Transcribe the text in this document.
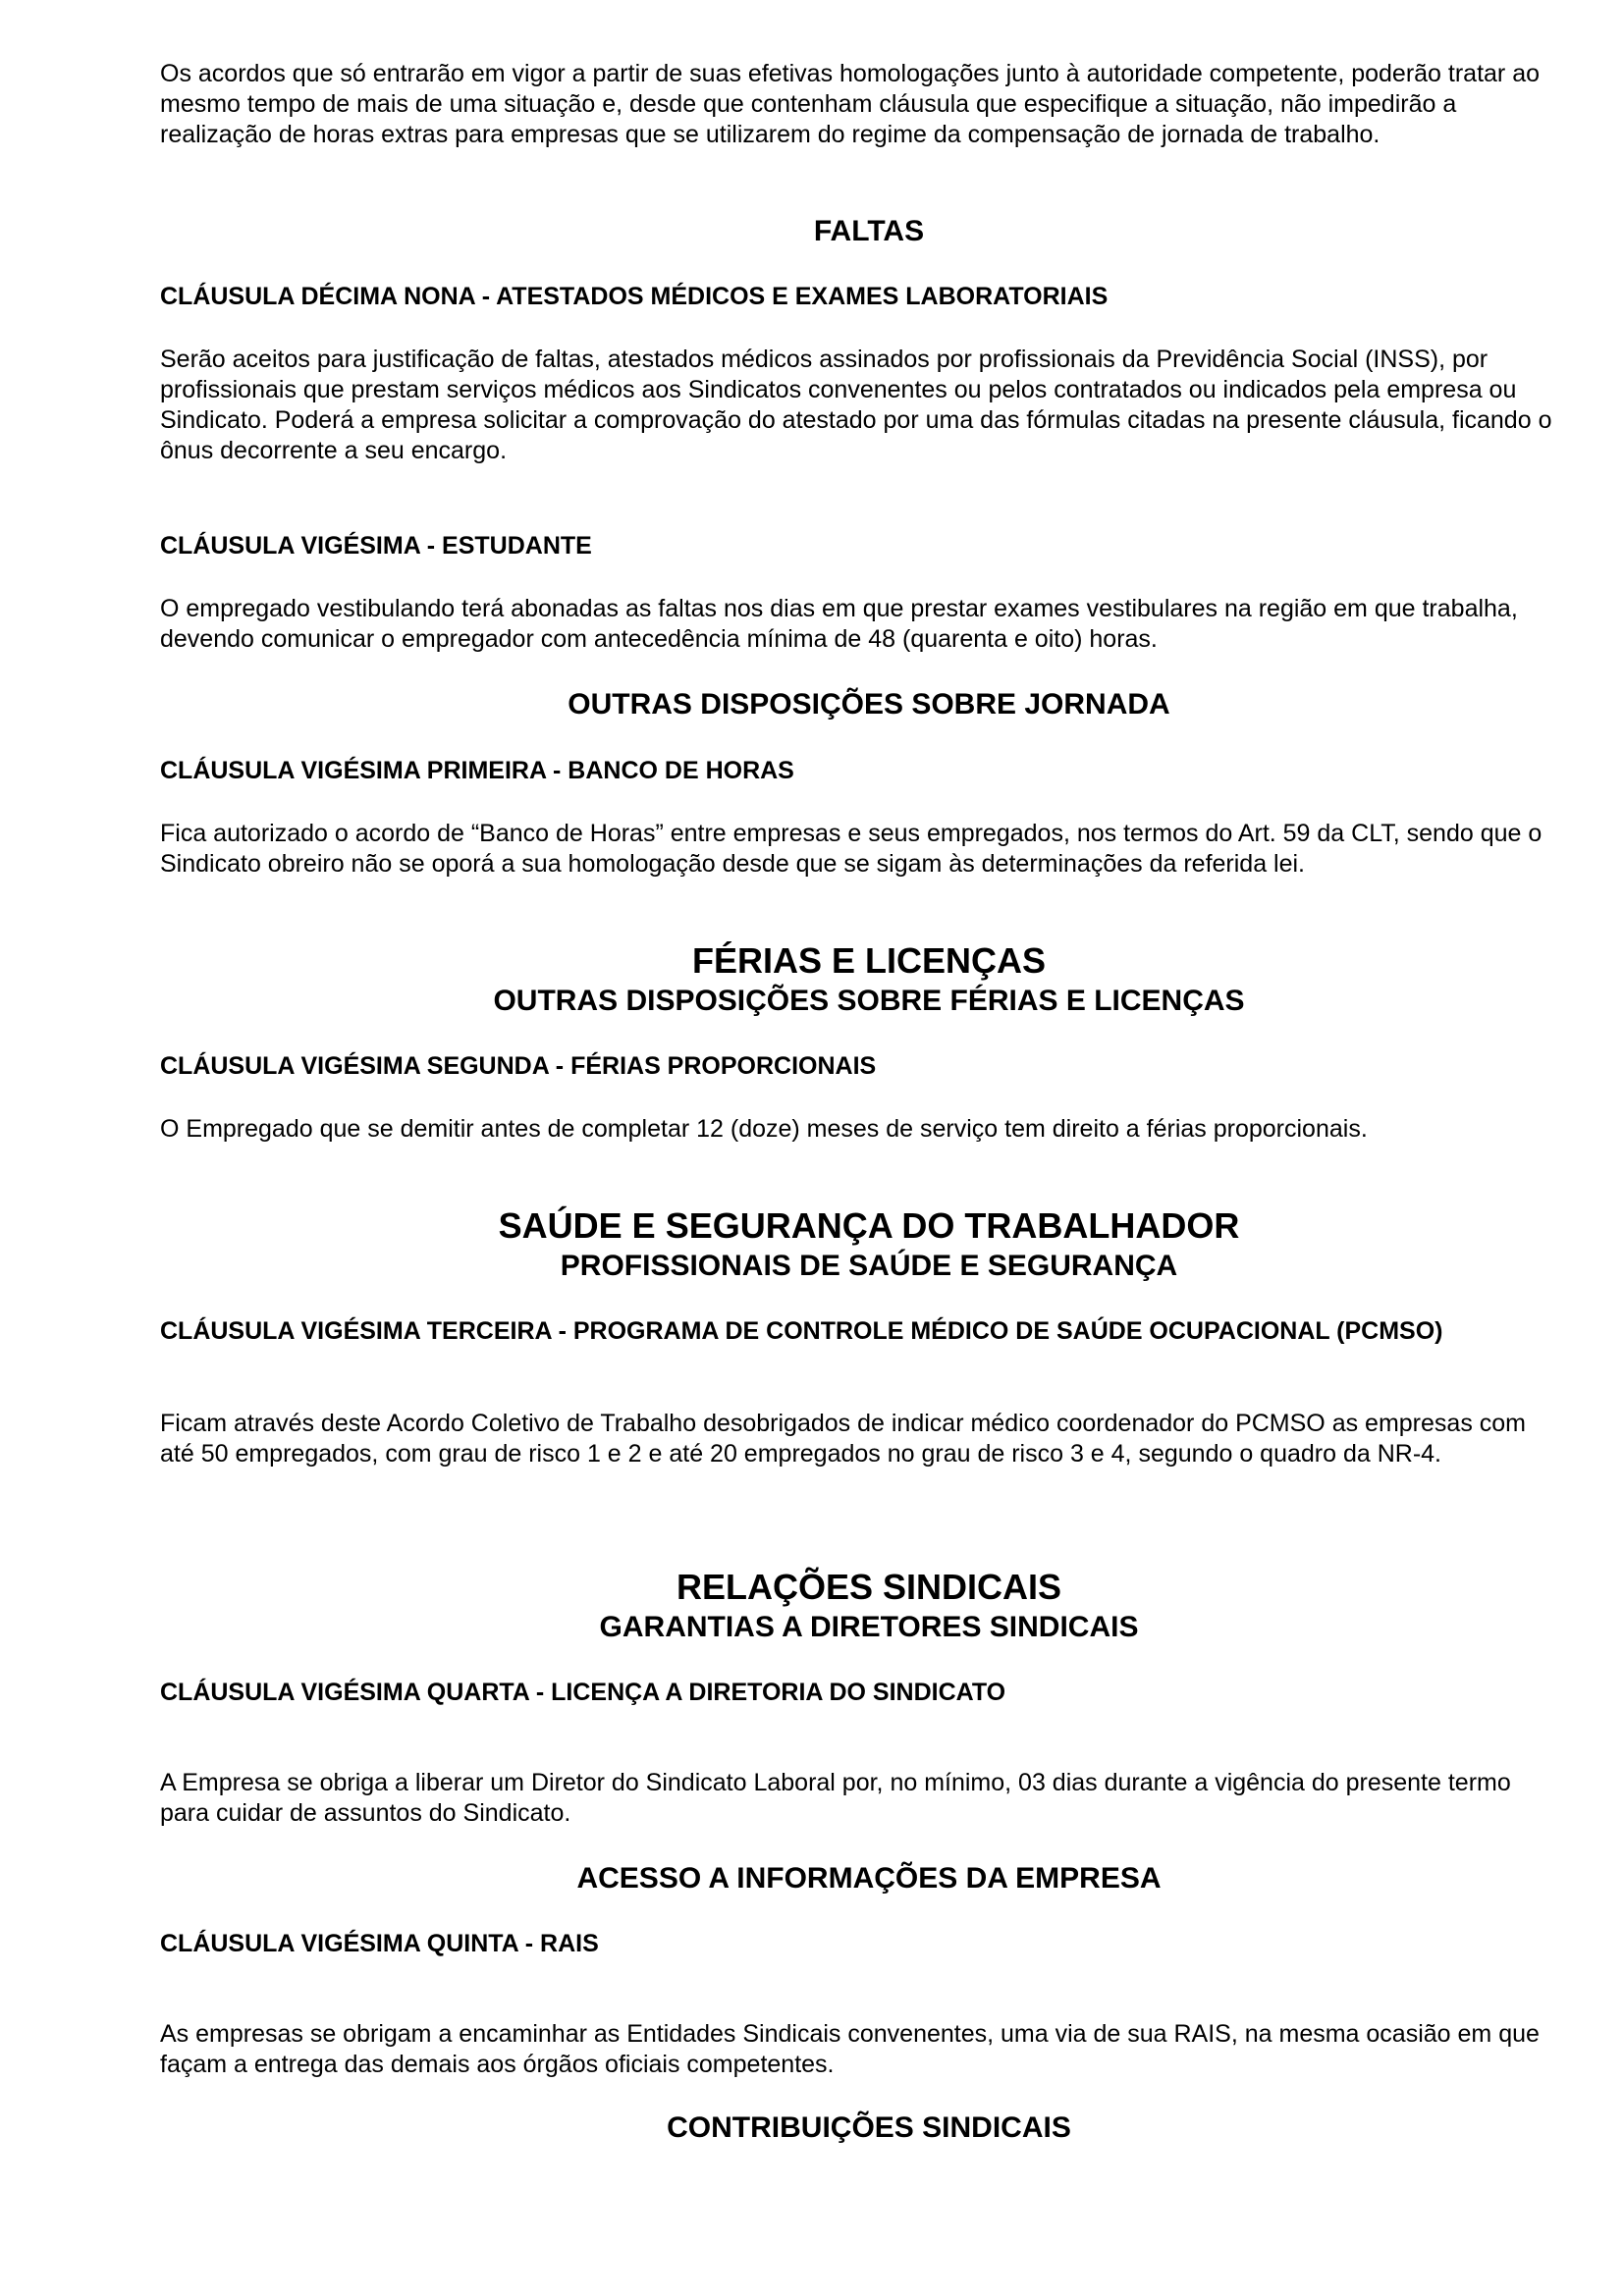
Os acordos que só entrarão em vigor a partir de suas efetivas homologações junto à autoridade competente, poderão tratar ao mesmo tempo de mais de uma situação e, desde que contenham cláusula que especifique a situação, não impedirão a realização de horas extras para empresas que se utilizarem do regime da compensação de jornada de trabalho.
FALTAS
CLÁUSULA DÉCIMA NONA - ATESTADOS MÉDICOS E EXAMES LABORATORIAIS
Serão aceitos para justificação de faltas, atestados médicos assinados por profissionais da Previdência Social (INSS), por profissionais que prestam serviços médicos aos Sindicatos convenentes ou pelos contratados ou indicados pela empresa ou Sindicato. Poderá a empresa solicitar a comprovação do atestado por uma das fórmulas citadas na presente cláusula, ficando o ônus decorrente a seu encargo.
CLÁUSULA VIGÉSIMA - ESTUDANTE
O empregado vestibulando terá abonadas as faltas nos dias em que prestar exames vestibulares na região em que trabalha, devendo comunicar o empregador com antecedência mínima de 48 (quarenta e oito) horas.
OUTRAS DISPOSIÇÕES SOBRE JORNADA
CLÁUSULA VIGÉSIMA PRIMEIRA - BANCO DE HORAS
Fica autorizado o acordo de “Banco de Horas” entre empresas e seus empregados, nos termos do Art. 59 da CLT, sendo que o Sindicato obreiro não se oporá a sua homologação desde que se sigam às determinações da referida lei.
FÉRIAS E LICENÇAS
OUTRAS DISPOSIÇÕES SOBRE FÉRIAS E LICENÇAS
CLÁUSULA VIGÉSIMA SEGUNDA - FÉRIAS PROPORCIONAIS
O Empregado que se demitir antes de completar 12 (doze) meses de serviço tem direito a férias proporcionais.
SAÚDE E SEGURANÇA DO TRABALHADOR
PROFISSIONAIS DE SAÚDE E SEGURANÇA
CLÁUSULA VIGÉSIMA TERCEIRA - PROGRAMA DE CONTROLE MÉDICO DE SAÚDE OCUPACIONAL (PCMSO)
Ficam através deste Acordo Coletivo de Trabalho desobrigados de indicar médico coordenador do PCMSO as empresas com até 50 empregados, com grau de risco 1 e 2 e até 20 empregados no grau de risco 3 e 4, segundo o quadro da NR-4.
RELAÇÕES SINDICAIS
GARANTIAS A DIRETORES SINDICAIS
CLÁUSULA VIGÉSIMA QUARTA - LICENÇA A DIRETORIA DO SINDICATO
A Empresa se obriga a liberar um Diretor do Sindicato Laboral por, no mínimo, 03 dias durante a vigência do presente termo para cuidar de assuntos do Sindicato.
ACESSO A INFORMAÇÕES DA EMPRESA
CLÁUSULA VIGÉSIMA QUINTA - RAIS
As empresas se obrigam a encaminhar as Entidades Sindicais convenentes, uma via de sua RAIS, na mesma ocasião em que façam a entrega das demais aos órgãos oficiais competentes.
CONTRIBUIÇÕES SINDICAIS
